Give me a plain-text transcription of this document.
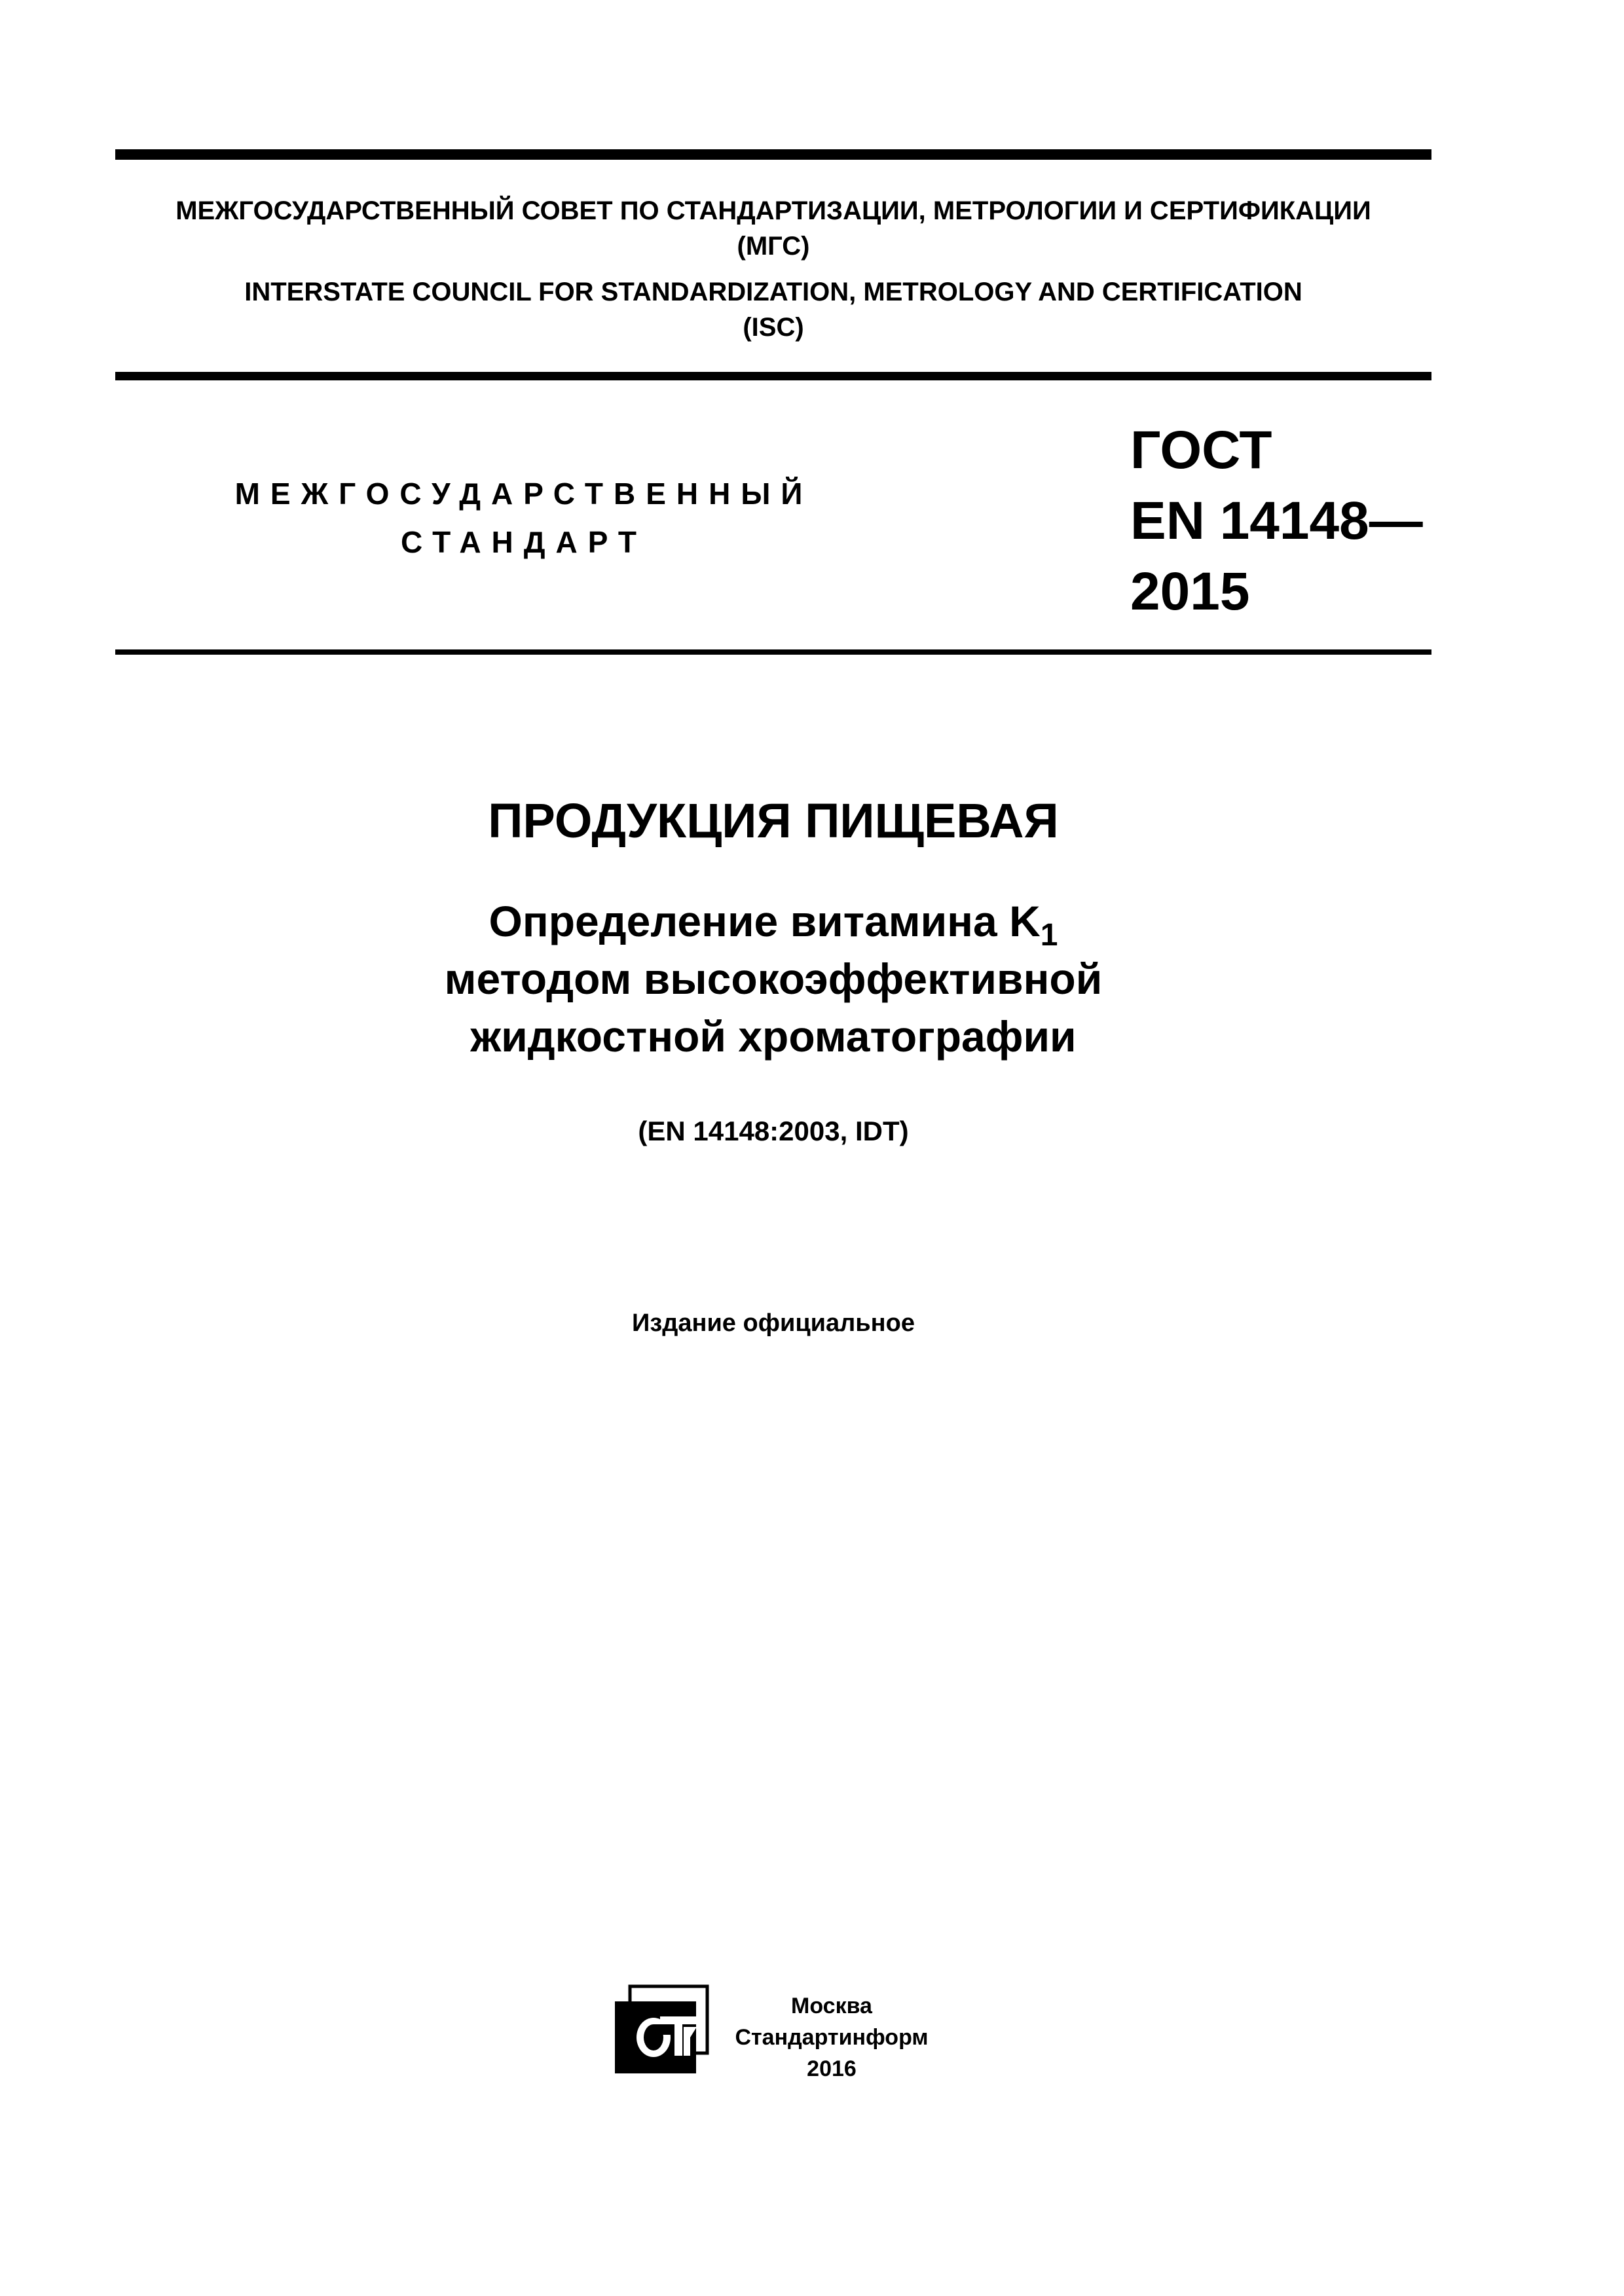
МЕЖГОСУДАРСТВЕННЫЙ СОВЕТ ПО СТАНДАРТИЗАЦИИ, МЕТРОЛОГИИ И СЕРТИФИКАЦИИ
(МГС)
INTERSTATE COUNCIL FOR STANDARDIZATION, METROLOGY AND CERTIFICATION
(ISC)
МЕЖГОСУДАРСТВЕННЫЙ
СТАНДАРТ
ГОСТ
EN 14148—
2015
ПРОДУКЦИЯ ПИЩЕВАЯ
Определение витамина $K_1$
методом высокоэффективной
жидкостной хроматографии
(EN 14148:2003, IDT)
Издание официальное
Москва
Стандартинформ
2016
